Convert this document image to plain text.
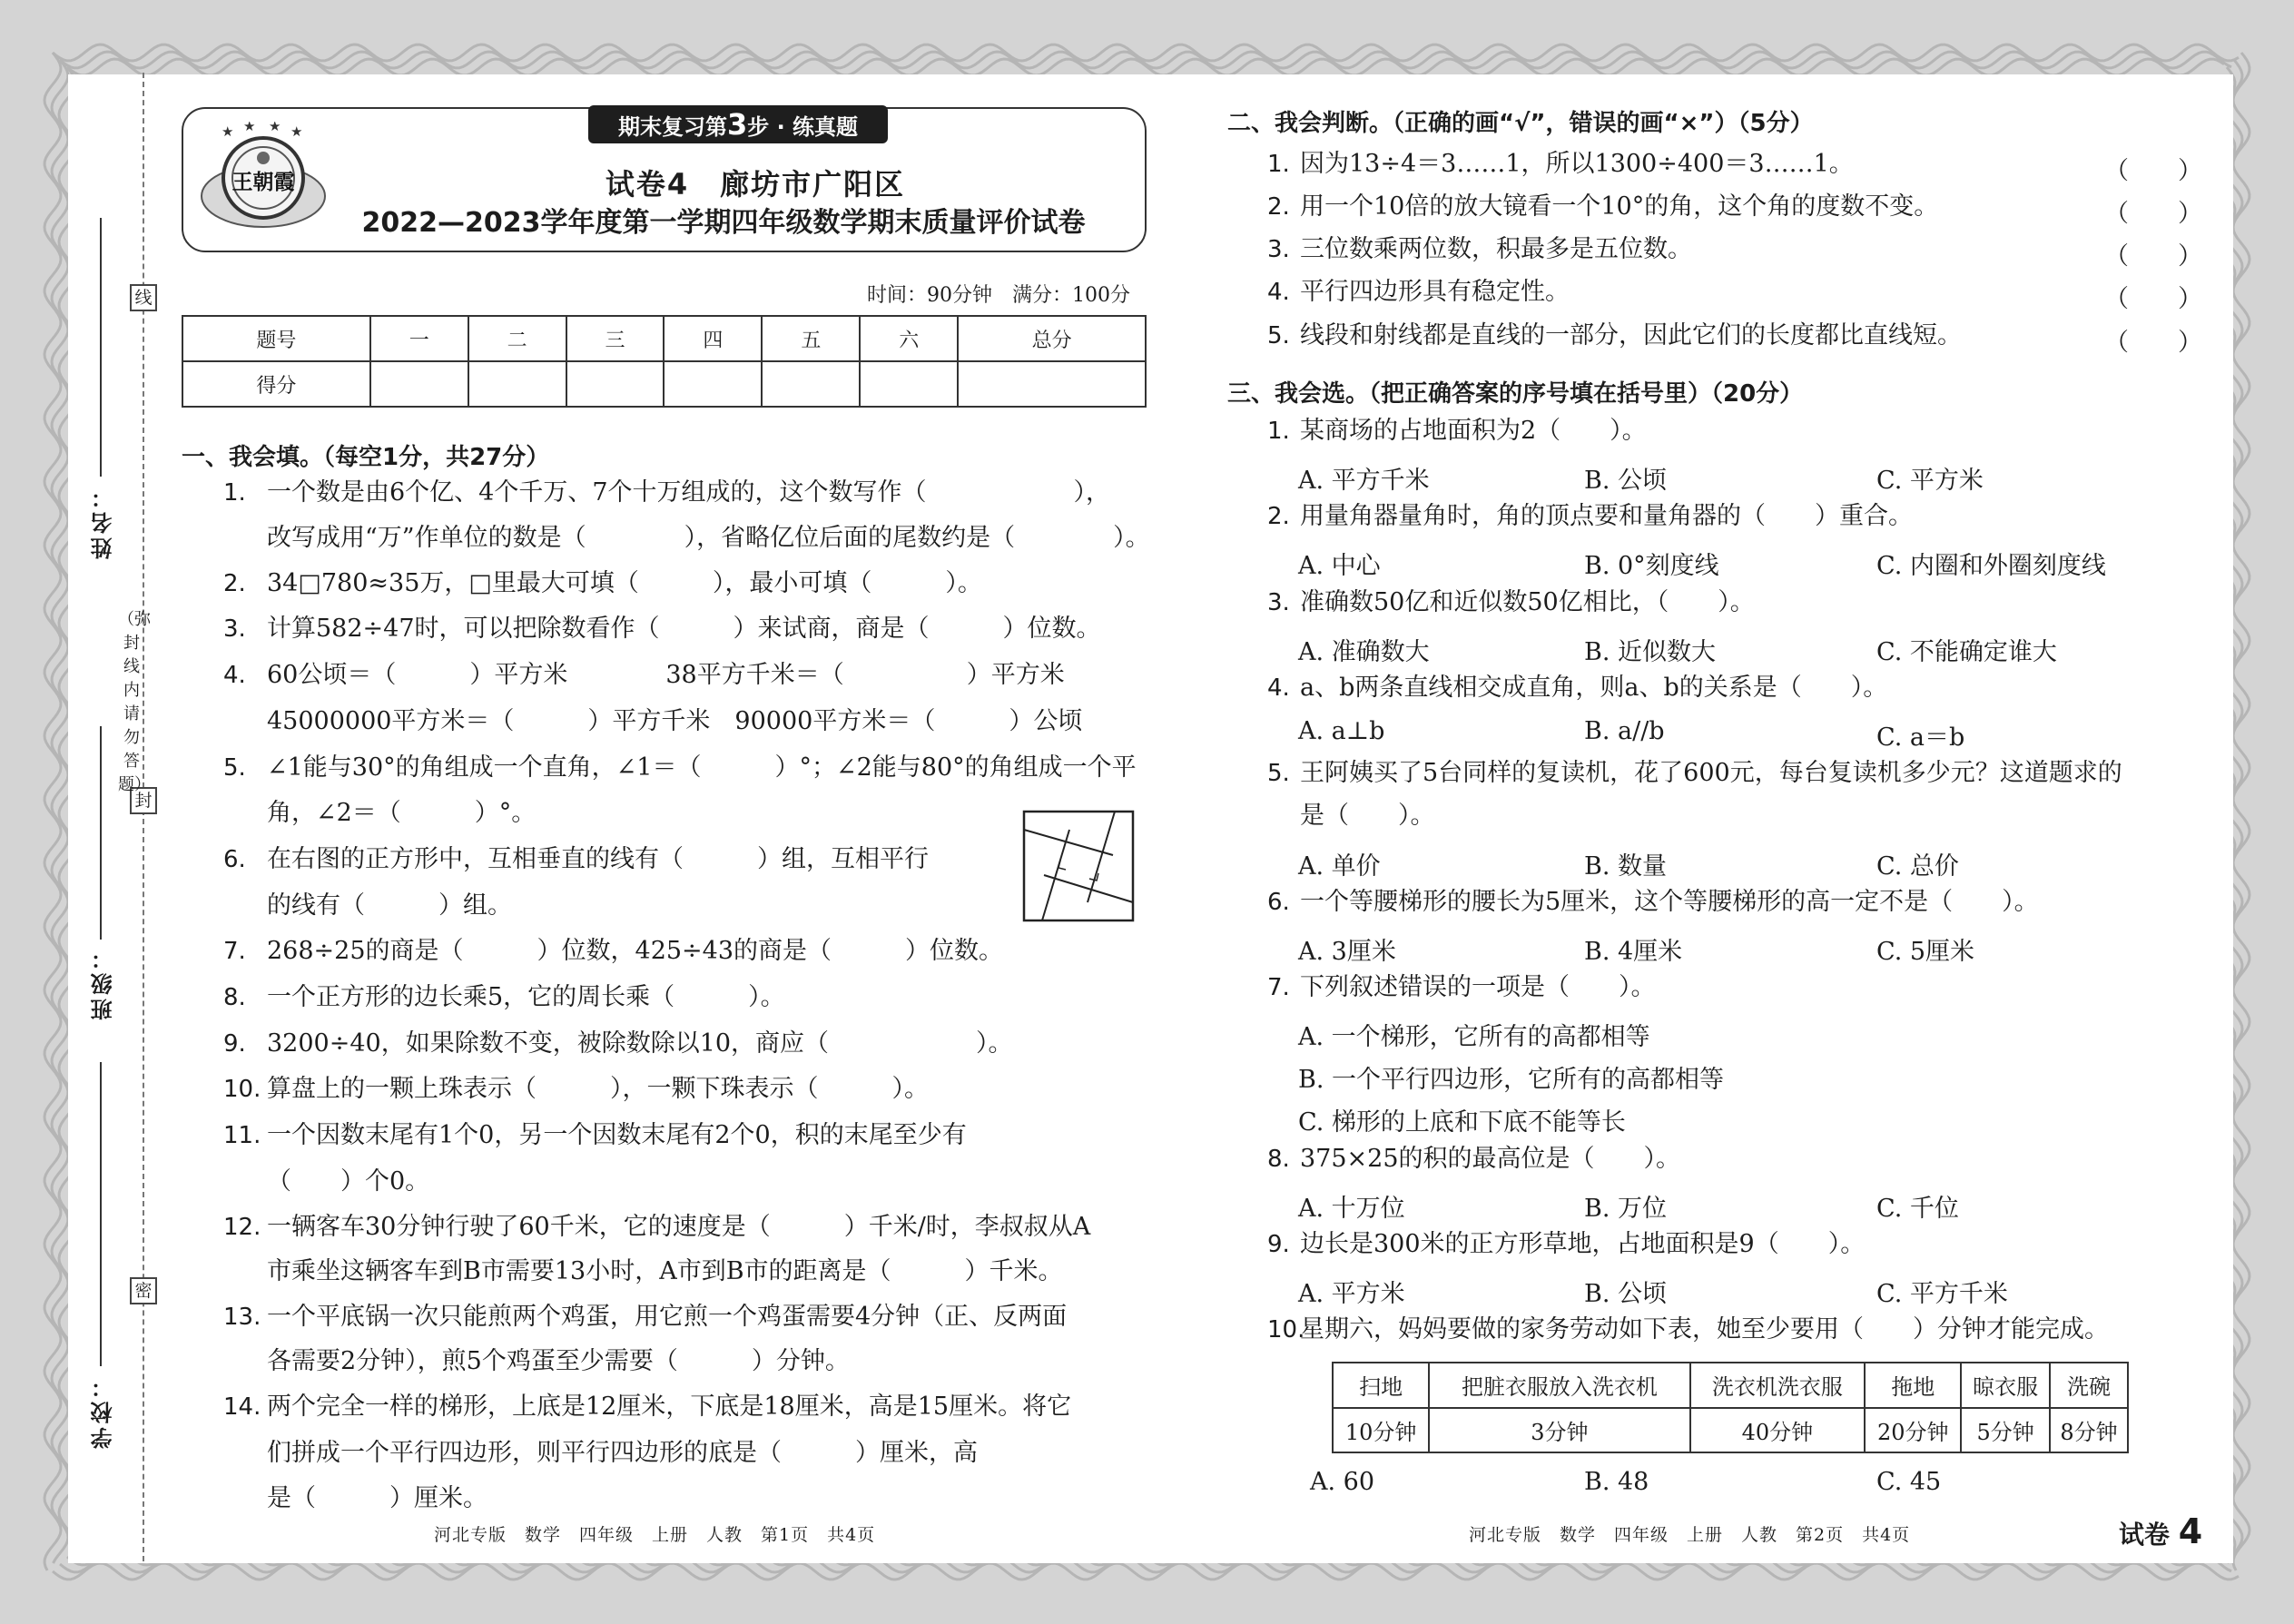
线
封
密
姓名：
班级：
学校：
（弥封线内请勿答题）
期末复习第3步 · 练真题
★ ★ ★ ★
王朝霞	试卷4　廊坊市广阳区
2022—2023学年度第一学期四年级数学期末质量评价试卷
时间：90分钟　满分：100分
题号	一	二	三	四	五	六	总分
得分							
一、我会填。（每空1分，共27分）
1. 一个数是由6个亿、4个千万、7个十万组成的，这个数写作（　　　　　　），
改写成用“万”作单位的数是（　　　　），省略亿位后面的尾数约是（　　　　）。
2. 34□780≈35万，□里最大可填（　　　），最小可填（　　　）。
3. 计算582÷47时，可以把除数看作（　　　）来试商，商是（　　　）位数。
4. 60公顷＝（　　　）平方米　　　　38平方千米＝（　　　　　）平方米
45000000平方米＝（　　　）平方千米　90000平方米＝（　　　）公顷
5. ∠1能与30°的角组成一个直角，∠1＝（　　　）°；∠2能与80°的角组成一个平
角，∠2＝（　　　）°。
6. 在右图的正方形中，互相垂直的线有（　　　）组，互相平行
的线有（　　　）组。
7. 268÷25的商是（　　　）位数，425÷43的商是（　　　）位数。
8. 一个正方形的边长乘5，它的周长乘（　　　）。
9. 3200÷40，如果除数不变，被除数除以10，商应（　　　　　　）。
10. 算盘上的一颗上珠表示（　　　），一颗下珠表示（　　　）。
11. 一个因数末尾有1个0，另一个因数末尾有2个0，积的末尾至少有
（　　）个0。
12. 一辆客车30分钟行驶了60千米，它的速度是（　　　）千米/时，李叔叔从A
市乘坐这辆客车到B市需要13小时，A市到B市的距离是（　　　）千米。
13. 一个平底锅一次只能煎两个鸡蛋，用它煎一个鸡蛋需要4分钟（正、反两面
各需要2分钟），煎5个鸡蛋至少需要（　　　）分钟。
14. 两个完全一样的梯形，上底是12厘米，下底是18厘米，高是15厘米。将它
们拼成一个平行四边形，则平行四边形的底是（　　　）厘米，高
是（　　　）厘米。
二、我会判断。（正确的画“√”，错误的画“×”）（5分）
1. 因为13÷4＝3……1，所以1300÷400＝3……1。	（　　）
2. 用一个10倍的放大镜看一个10°的角，这个角的度数不变。	（　　）
3. 三位数乘两位数，积最多是五位数。	（　　）
4. 平行四边形具有稳定性。	（　　）
5. 线段和射线都是直线的一部分，因此它们的长度都比直线短。	（　　）
三、我会选。（把正确答案的序号填在括号里）（20分）
1. 某商场的占地面积为2（　　）。
A. 平方千米	B. 公顷	C. 平方米
2. 用量角器量角时，角的顶点要和量角器的（　　）重合。
A. 中心	B. 0°刻度线	C. 内圈和外圈刻度线
3. 准确数50亿和近似数50亿相比，（　　）。
A. 准确数大	B. 近似数大	C. 不能确定谁大
4. a、b两条直线相交成直角，则a、b的关系是（　　）。
A. a⊥b	B. a//b	C. a＝b
5. 王阿姨买了5台同样的复读机，花了600元，每台复读机多少元？这道题求的
是（　　）。
A. 单价	B. 数量	C. 总价
6. 一个等腰梯形的腰长为5厘米，这个等腰梯形的高一定不是（　　）。
A. 3厘米	B. 4厘米	C. 5厘米
7. 下列叙述错误的一项是（　　）。
A. 一个梯形，它所有的高都相等
B. 一个平行四边形，它所有的高都相等
C. 梯形的上底和下底不能等长
8. 375×25的积的最高位是（　　）。
A. 十万位	B. 万位	C. 千位
9. 边长是300米的正方形草地，占地面积是9（　　）。
A. 平方米	B. 公顷	C. 平方千米
10.星期六，妈妈要做的家务劳动如下表，她至少要用（　　）分钟才能完成。
A. 60	B. 48	C. 45
扫地	把脏衣服放入洗衣机	洗衣机洗衣服	拖地	晾衣服	洗碗
10分钟	3分钟	40分钟	20分钟	5分钟	8分钟
河北专版　数学　四年级　上册　人教　第1页　共4页	河北专版　数学　四年级　上册　人教　第2页　共4页	试卷 4
